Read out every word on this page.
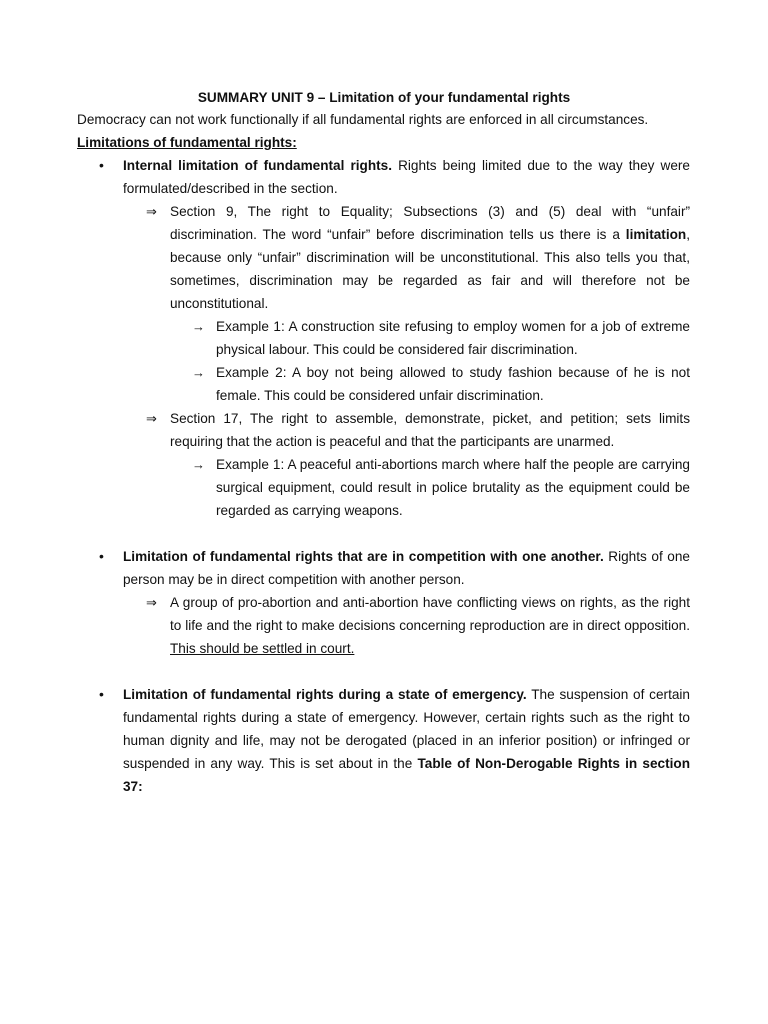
SUMMARY UNIT 9 – Limitation of your fundamental rights
Democracy can not work functionally if all fundamental rights are enforced in all circumstances.
Limitations of fundamental rights:
• Internal limitation of fundamental rights. Rights being limited due to the way they were formulated/described in the section.
⇒ Section 9, The right to Equality; Subsections (3) and (5) deal with “unfair” discrimination. The word “unfair” before discrimination tells us there is a limitation, because only “unfair” discrimination will be unconstitutional. This also tells you that, sometimes, discrimination may be regarded as fair and will therefore not be unconstitutional.
→ Example 1: A construction site refusing to employ women for a job of extreme physical labour. This could be considered fair discrimination.
→ Example 2: A boy not being allowed to study fashion because of he is not female. This could be considered unfair discrimination.
⇒ Section 17, The right to assemble, demonstrate, picket, and petition; sets limits requiring that the action is peaceful and that the participants are unarmed.
→ Example 1: A peaceful anti-abortions march where half the people are carrying surgical equipment, could result in police brutality as the equipment could be regarded as carrying weapons.
• Limitation of fundamental rights that are in competition with one another. Rights of one person may be in direct competition with another person.
⇒ A group of pro-abortion and anti-abortion have conflicting views on rights, as the right to life and the right to make decisions concerning reproduction are in direct opposition. This should be settled in court.
• Limitation of fundamental rights during a state of emergency. The suspension of certain fundamental rights during a state of emergency. However, certain rights such as the right to human dignity and life, may not be derogated (placed in an inferior position) or infringed or suspended in any way. This is set about in the Table of Non-Derogable Rights in section 37:
